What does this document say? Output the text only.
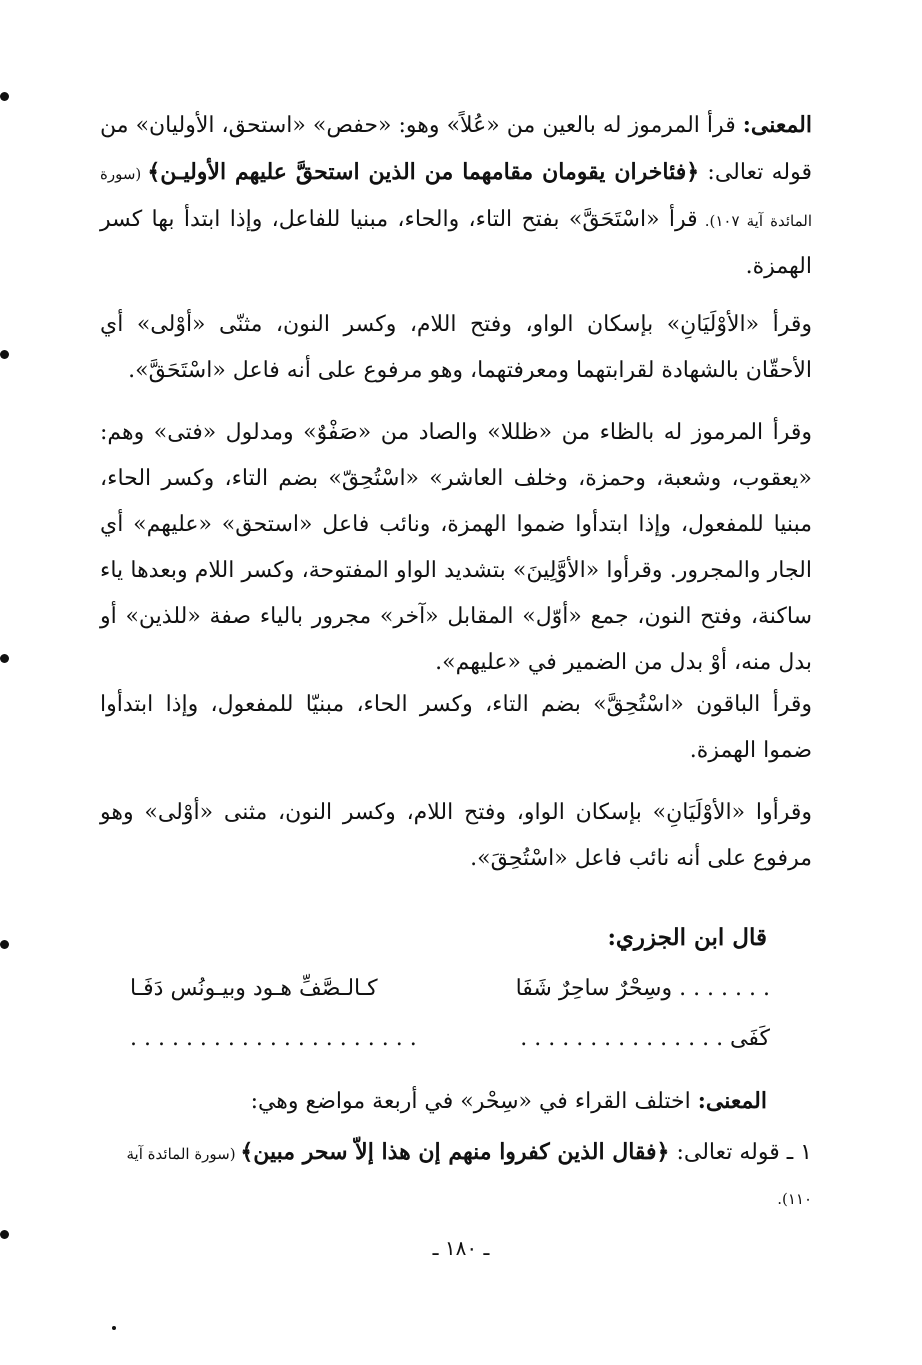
المعنى: قرأ المرموز له بالعين من «عُلاً» وهو: «حفص» «استحق، الأوليان» من قوله تعالى: ﴿فئاخران يقومان مقامهما من الذين استحقَّ عليهم الأوليـن﴾ (سورة المائدة آية ١٠٧). قرأ «اسْتَحَقَّ» بفتح التاء، والحاء، مبنيا للفاعل، وإذا ابتدأ بها كسر الهمزة.
وقرأ «الأوْلَيَانِ» بإسكان الواو، وفتح اللام، وكسر النون، مثنّى «أوْلى» أي الأحقّان بالشهادة لقرابتهما ومعرفتهما، وهو مرفوع على أنه فاعل «اسْتَحَقَّ».
وقرأ المرموز له بالظاء من «ظللا» والصاد من «صَفْوٌ» ومدلول «فتى» وهم: «يعقوب، وشعبة، وحمزة، وخلف العاشر» «اسْتُحِقّ» بضم التاء، وكسر الحاء، مبنيا للمفعول، وإذا ابتدأوا ضموا الهمزة، ونائب فاعل «استحق» «عليهم» أي الجار والمجرور. وقرأوا «الأوَّلِينَ» بتشديد الواو المفتوحة، وكسر اللام وبعدها ياء ساكنة، وفتح النون، جمع «أوّل» المقابل «آخر» مجرور بالياء صفة «للذين» أو بدل منه، أوْ بدل من الضمير في «عليهم».
وقرأ الباقون «اسْتُحِقَّ» بضم التاء، وكسر الحاء، مبنيّا للمفعول، وإذا ابتدأوا ضموا الهمزة.
وقرأوا «الأوْلَيَانِ» بإسكان الواو، وفتح اللام، وكسر النون، مثنى «أوْلى» وهو مرفوع على أنه نائب فاعل «اسْتُحِقَ».
قال ابن الجزري:
. . . . . . . وسِحْرٌ ساحِرٌ شَفَا
كـالـصَّفِّ هـود وبيـونُس دَفَـا
كَفَى . . . . . . . . . . . . . . .
. . . . . . . . . . . . . . . . . . . . .
المعنى: اختلف القراء في «سِحْر» في أربعة مواضع وهي:
١ ـ قوله تعالى: ﴿فقال الذين كفروا منهم إن هذا إلاّ سحر مبين﴾ (سورة المائدة آية ١١٠).
ـ ١٨٠ ـ
